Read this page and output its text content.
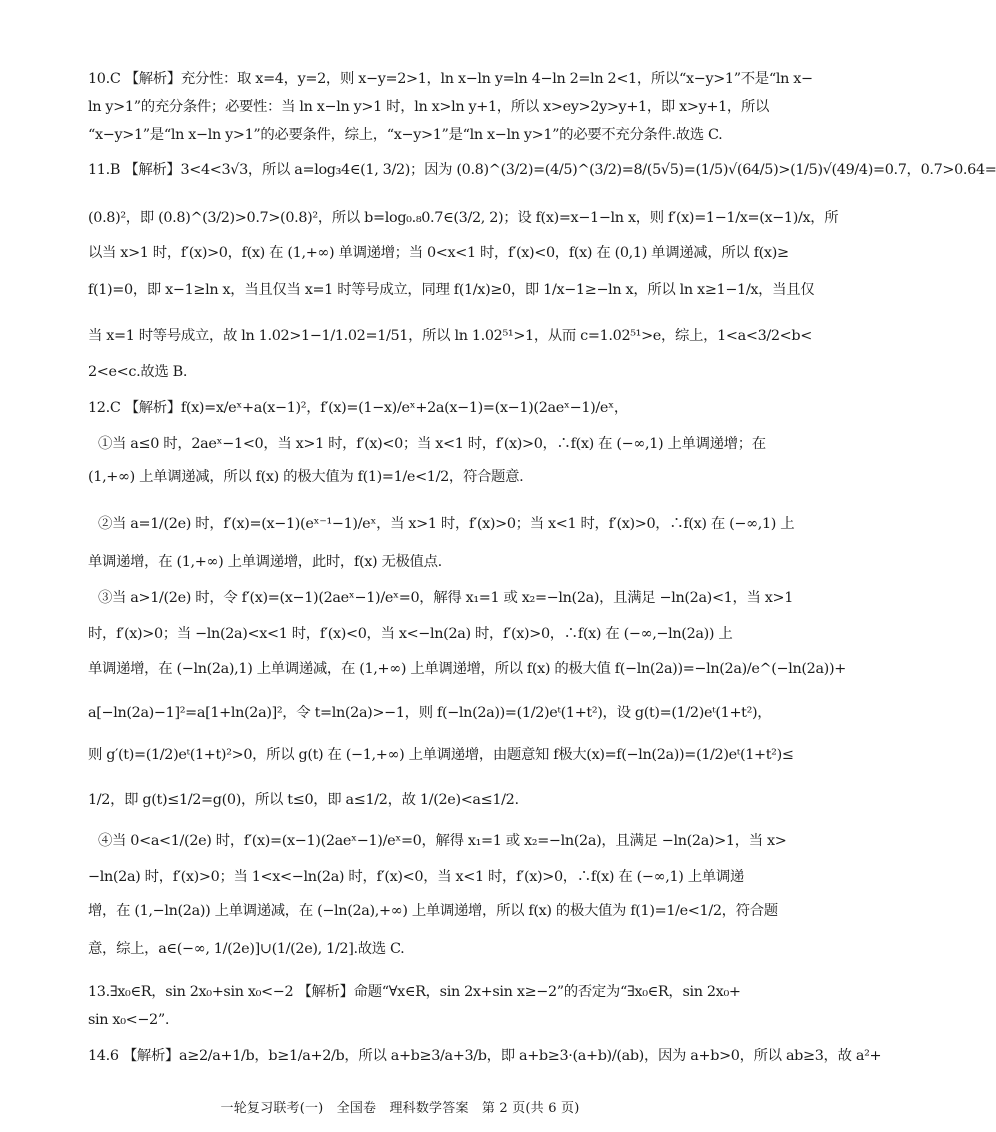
10.C 【解析】充分性：取 x=4，y=2，则 x−y=2>1，ln x−ln y=ln 4−ln 2=ln 2<1，所以“x−y>1”不是“ln x−
ln y>1”的充分条件；必要性：当 ln x−ln y>1 时，ln x>ln y+1，所以 x>ey>2y>y+1，即 x>y+1，所以
“x−y>1”是“ln x−ln y>1”的必要条件，综上，“x−y>1”是“ln x−ln y>1”的必要不充分条件.故选 C.
11.B 【解析】3<4<3√3，所以 a=log₃4∈(1, 3/2)；因为 (0.8)^(3/2)=(4/5)^(3/2)=8/(5√5)=(1/5)√(64/5)>(1/5)√(49/4)=0.7，0.7>0.64=
(0.8)²，即 (0.8)^(3/2)>0.7>(0.8)²，所以 b=log₀.₈0.7∈(3/2, 2)；设 f(x)=x−1−ln x，则 f′(x)=1−1/x=(x−1)/x，所
以当 x>1 时，f′(x)>0，f(x) 在 (1,+∞) 单调递增；当 0<x<1 时，f′(x)<0，f(x) 在 (0,1) 单调递减，所以 f(x)≥
f(1)=0，即 x−1≥ln x，当且仅当 x=1 时等号成立，同理 f(1/x)≥0，即 1/x−1≥−ln x，所以 ln x≥1−1/x，当且仅
当 x=1 时等号成立，故 ln 1.02>1−1/1.02=1/51，所以 ln 1.02⁵¹>1，从而 c=1.02⁵¹>e，综上，1<a<3/2<b<
2<e<c.故选 B.
12.C 【解析】f(x)=x/eˣ+a(x−1)²，f′(x)=(1−x)/eˣ+2a(x−1)=(x−1)(2aeˣ−1)/eˣ，
①当 a≤0 时，2aeˣ−1<0，当 x>1 时，f′(x)<0；当 x<1 时，f′(x)>0，∴f(x) 在 (−∞,1) 上单调递增；在
(1,+∞) 上单调递减，所以 f(x) 的极大值为 f(1)=1/e<1/2，符合题意.
②当 a=1/(2e) 时，f′(x)=(x−1)(eˣ⁻¹−1)/eˣ，当 x>1 时，f′(x)>0；当 x<1 时，f′(x)>0，∴f(x) 在 (−∞,1) 上
单调递增，在 (1,+∞) 上单调递增，此时，f(x) 无极值点.
③当 a>1/(2e) 时，令 f′(x)=(x−1)(2aeˣ−1)/eˣ=0，解得 x₁=1 或 x₂=−ln(2a)，且满足 −ln(2a)<1，当 x>1
时，f′(x)>0；当 −ln(2a)<x<1 时，f′(x)<0，当 x<−ln(2a) 时，f′(x)>0，∴f(x) 在 (−∞,−ln(2a)) 上
单调递增，在 (−ln(2a),1) 上单调递减，在 (1,+∞) 上单调递增，所以 f(x) 的极大值 f(−ln(2a))=−ln(2a)/e^(−ln(2a))+
a[−ln(2a)−1]²=a[1+ln(2a)]²，令 t=ln(2a)>−1，则 f(−ln(2a))=(1/2)eᵗ(1+t²)，设 g(t)=(1/2)eᵗ(1+t²)，
则 g′(t)=(1/2)eᵗ(1+t)²>0，所以 g(t) 在 (−1,+∞) 上单调递增，由题意知 f极大(x)=f(−ln(2a))=(1/2)eᵗ(1+t²)≤
1/2，即 g(t)≤1/2=g(0)，所以 t≤0，即 a≤1/2，故 1/(2e)<a≤1/2.
④当 0<a<1/(2e) 时，f′(x)=(x−1)(2aeˣ−1)/eˣ=0，解得 x₁=1 或 x₂=−ln(2a)，且满足 −ln(2a)>1，当 x>
−ln(2a) 时，f′(x)>0；当 1<x<−ln(2a) 时，f′(x)<0，当 x<1 时，f′(x)>0，∴f(x) 在 (−∞,1) 上单调递
增，在 (1,−ln(2a)) 上单调递减，在 (−ln(2a),+∞) 上单调递增，所以 f(x) 的极大值为 f(1)=1/e<1/2，符合题
意，综上，a∈(−∞, 1/(2e)]∪(1/(2e), 1/2].故选 C.
13.∃x₀∈R，sin 2x₀+sin x₀<−2 【解析】命题“∀x∈R，sin 2x+sin x≥−2”的否定为“∃x₀∈R，sin 2x₀+
sin x₀<−2”.
14.6 【解析】a≥2/a+1/b，b≥1/a+2/b，所以 a+b≥3/a+3/b，即 a+b≥3·(a+b)/(ab)，因为 a+b>0，所以 ab≥3，故 a²+
一轮复习联考(一)　全国卷　理科数学答案　第 2 页(共 6 页)
